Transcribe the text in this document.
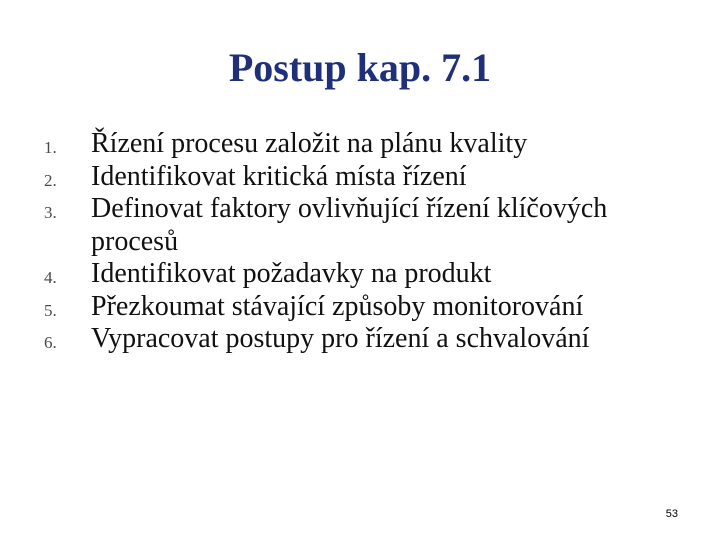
Postup kap. 7.1
1.	Řízení procesu založit na plánu kvality
2.	Identifikovat kritická místa řízení
3.	Definovat faktory ovlivňující řízení klíčových procesů
4.	Identifikovat požadavky na produkt
5.	Přezkoumat stávající způsoby monitorování
6.	Vypracovat postupy pro řízení a schvalování
53
